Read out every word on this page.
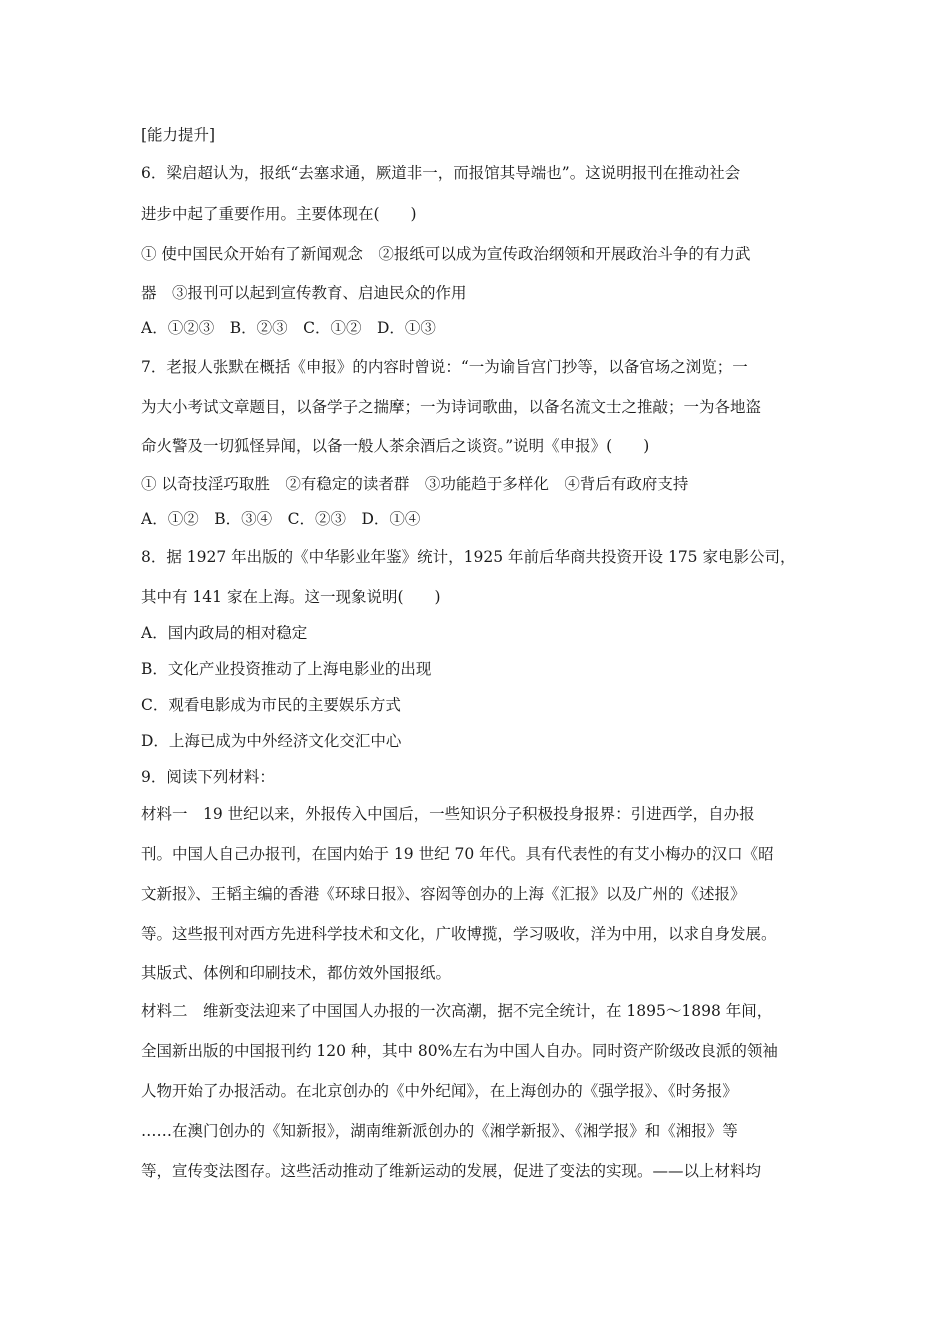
[能力提升]
6．梁启超认为，报纸“去塞求通，厥道非一，而报馆其导端也”。这说明报刊在推动社会
进步中起了重要作用。主要体现在(　　)
① 使中国民众开始有了新闻观念　②报纸可以成为宣传政治纲领和开展政治斗争的有力武
器　③报刊可以起到宣传教育、启迪民众的作用
A．①②③　B．②③　C．①②　D．①③
7．老报人张默在概括《申报》的内容时曾说：“一为谕旨宫门抄等，以备官场之浏览；一
为大小考试文章题目，以备学子之揣摩；一为诗词歌曲，以备名流文士之推敲；一为各地盗
命火警及一切狐怪异闻，以备一般人茶余酒后之谈资。”说明《申报》(　　)
① 以奇技淫巧取胜　②有稳定的读者群　③功能趋于多样化　④背后有政府支持
A．①②　B．③④　C．②③　D．①④
8．据 1927 年出版的《中华影业年鉴》统计，1925 年前后华商共投资开设 175 家电影公司，
其中有 141 家在上海。这一现象说明(　　)
A．国内政局的相对稳定
B．文化产业投资推动了上海电影业的出现
C．观看电影成为市民的主要娱乐方式
D．上海已成为中外经济文化交汇中心
9．阅读下列材料：
材料一　19 世纪以来，外报传入中国后，一些知识分子积极投身报界：引进西学，自办报
刊。中国人自己办报刊，在国内始于 19 世纪 70 年代。具有代表性的有艾小梅办的汉口《昭
文新报》、王韬主编的香港《环球日报》、容闳等创办的上海《汇报》以及广州的《述报》
等。这些报刊对西方先进科学技术和文化，广收博揽，学习吸收，洋为中用，以求自身发展。
其版式、体例和印刷技术，都仿效外国报纸。
材料二　维新变法迎来了中国国人办报的一次高潮，据不完全统计，在 1895～1898 年间，
全国新出版的中国报刊约 120 种，其中 80%左右为中国人自办。同时资产阶级改良派的领袖
人物开始了办报活动。在北京创办的《中外纪闻》，在上海创办的《强学报》、《时务报》
……在澳门创办的《知新报》，湖南维新派创办的《湘学新报》、《湘学报》和《湘报》等
等，宣传变法图存。这些活动推动了维新运动的发展，促进了变法的实现。——以上材料均
